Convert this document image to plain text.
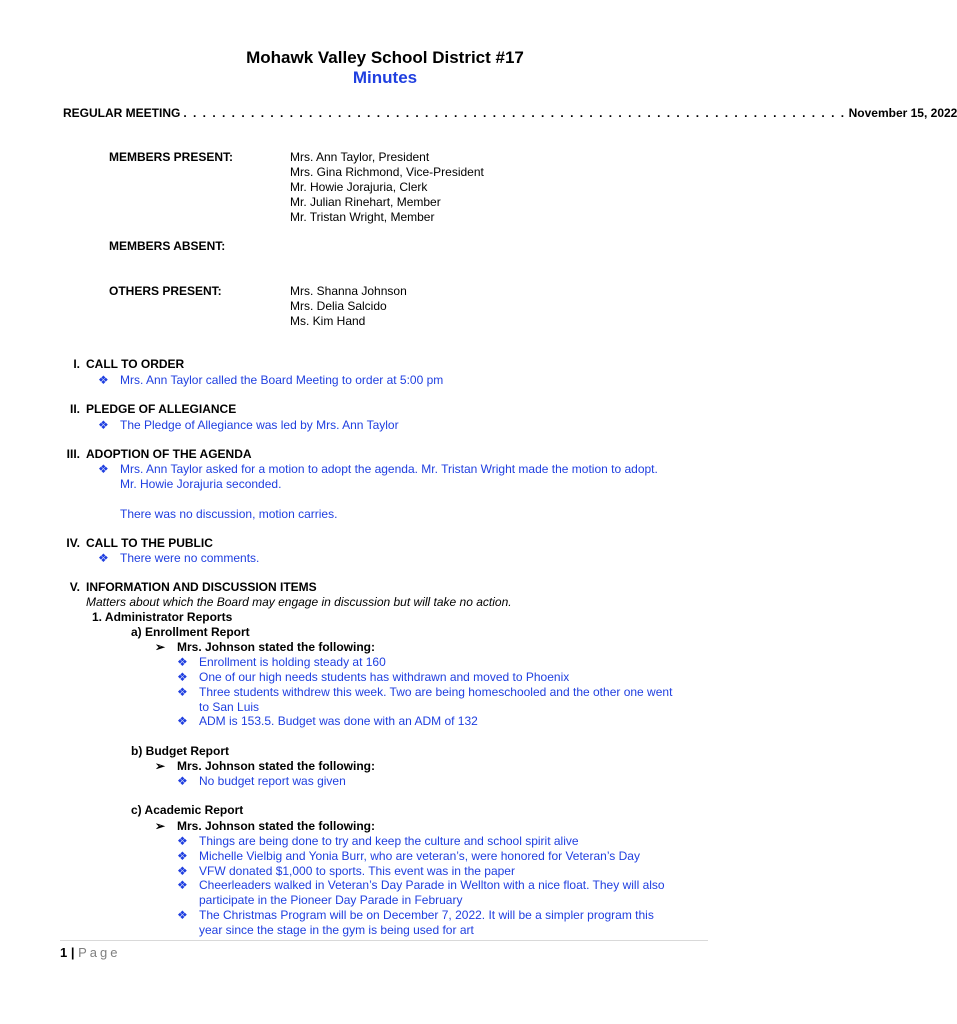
Mohawk Valley School District #17
Minutes
REGULAR MEETING . . . . . . . . . . . . . . . . . . . . . . . . . . . . . . . . . . . . . . . . . . . . . . . . . . . . . . . . . . . . . . . . . . . . . November 15, 2022
MEMBERS PRESENT:	Mrs. Ann Taylor, President
Mrs. Gina Richmond, Vice-President
Mr. Howie Jorajuria, Clerk
Mr. Julian Rinehart, Member
Mr. Tristan Wright, Member
MEMBERS ABSENT:
OTHERS PRESENT:	Mrs. Shanna Johnson
Mrs. Delia Salcido
Ms. Kim Hand
I. CALL TO ORDER
❖ Mrs. Ann Taylor called the Board Meeting to order at 5:00 pm
II. PLEDGE OF ALLEGIANCE
❖ The Pledge of Allegiance was led by Mrs. Ann Taylor
III. ADOPTION OF THE AGENDA
❖ Mrs. Ann Taylor asked for a motion to adopt the agenda. Mr. Tristan Wright made the motion to adopt.
Mr. Howie Jorajuria seconded.
There was no discussion, motion carries.
IV. CALL TO THE PUBLIC
❖ There were no comments.
V. INFORMATION AND DISCUSSION ITEMS
Matters about which the Board may engage in discussion but will take no action.
1. Administrator Reports
a) Enrollment Report
➢ Mrs. Johnson stated the following:
❖ Enrollment is holding steady at 160
❖ One of our high needs students has withdrawn and moved to Phoenix
❖ Three students withdrew this week. Two are being homeschooled and the other one went
to San Luis
❖ ADM is 153.5. Budget was done with an ADM of 132
b) Budget Report
➢ Mrs. Johnson stated the following:
❖ No budget report was given
c) Academic Report
➢ Mrs. Johnson stated the following:
❖ Things are being done to try and keep the culture and school spirit alive
❖ Michelle Vielbig and Yonia Burr, who are veteran’s, were honored for Veteran’s Day
❖ VFW donated $1,000 to sports. This event was in the paper
❖ Cheerleaders walked in Veteran’s Day Parade in Wellton with a nice float. They will also
participate in the Pioneer Day Parade in February
❖ The Christmas Program will be on December 7, 2022. It will be a simpler program this
year since the stage in the gym is being used for art
1 | Page
